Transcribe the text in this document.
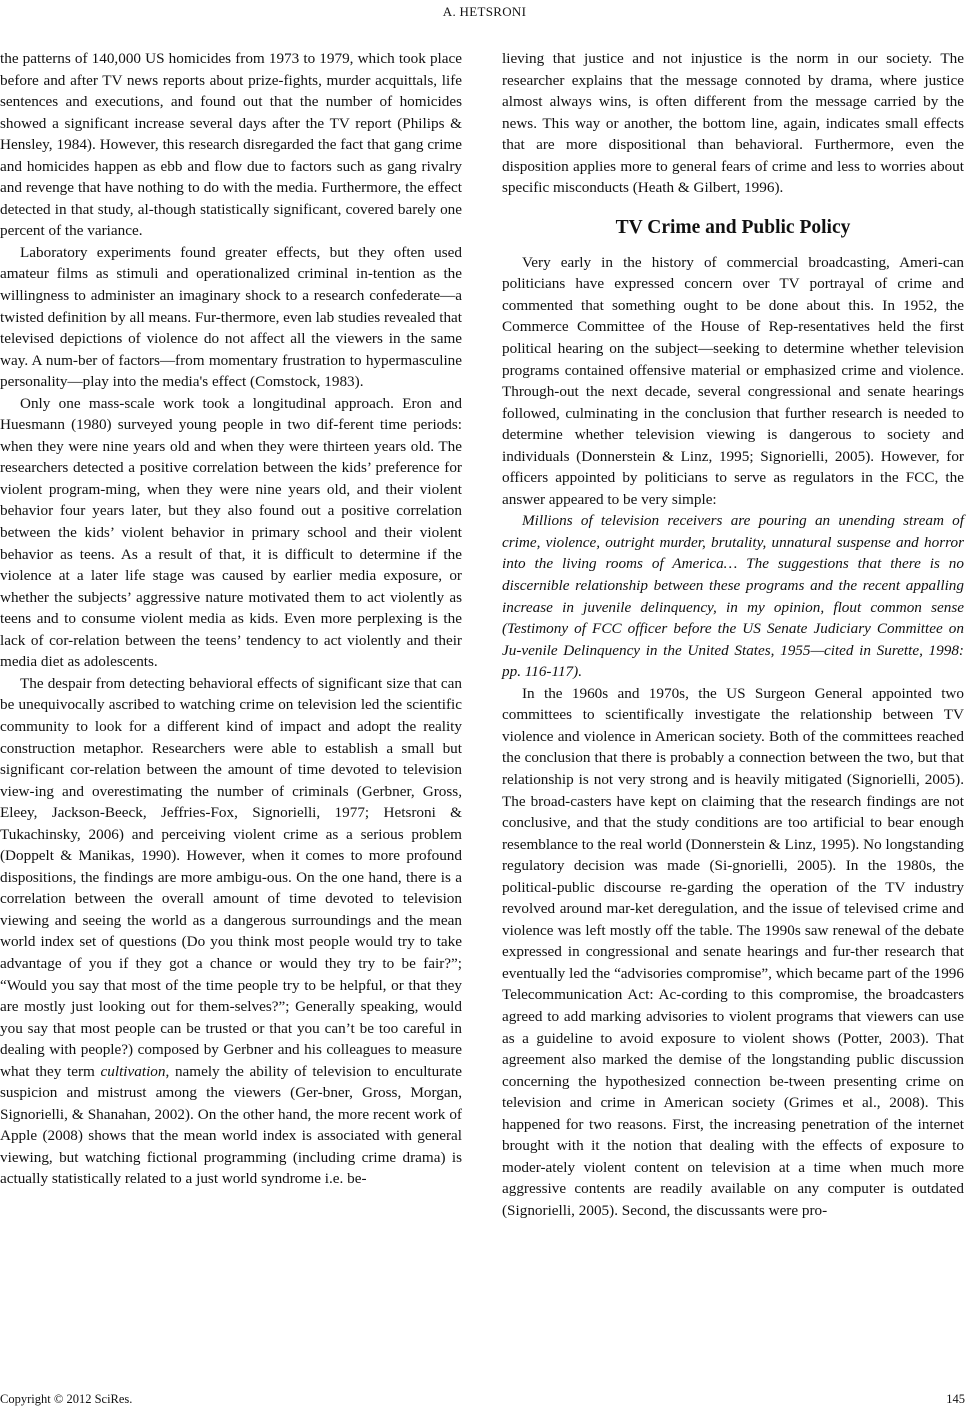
A. HETSRONI

the patterns of 140,000 US homicides from 1973 to 1979, which took place before and after TV news reports about prize-fights, murder acquittals, life sentences and executions, and found out that the number of homicides showed a significant increase several days after the TV report (Philips & Hensley, 1984). However, this research disregarded the fact that gang crime and homicides happen as ebb and flow due to factors such as gang rivalry and revenge that have nothing to do with the media. Furthermore, the effect detected in that study, al-though statistically significant, covered barely one percent of the variance.

Laboratory experiments found greater effects, but they often used amateur films as stimuli and operationalized criminal in-tention as the willingness to administer an imaginary shock to a research confederate—a twisted definition by all means. Fur-thermore, even lab studies revealed that televised depictions of violence do not affect all the viewers in the same way. A num-ber of factors—from momentary frustration to hypermasculine personality—play into the media's effect (Comstock, 1983).

Only one mass-scale work took a longitudinal approach. Eron and Huesmann (1980) surveyed young people in two dif-ferent time periods: when they were nine years old and when they were thirteen years old. The researchers detected a positive correlation between the kids’ preference for violent program-ming, when they were nine years old, and their violent behavior four years later, but they also found out a positive correlation between the kids’ violent behavior in primary school and their violent behavior as teens. As a result of that, it is difficult to determine if the violence at a later life stage was caused by earlier media exposure, or whether the subjects’ aggressive nature motivated them to act violently as teens and to consume violent media as kids. Even more perplexing is the lack of cor-relation between the teens’ tendency to act violently and their media diet as adolescents.

The despair from detecting behavioral effects of significant size that can be unequivocally ascribed to watching crime on television led the scientific community to look for a different kind of impact and adopt the reality construction metaphor. Researchers were able to establish a small but significant cor-relation between the amount of time devoted to television view-ing and overestimating the number of criminals (Gerbner, Gross, Eleey, Jackson-Beeck, Jeffries-Fox, Signorielli, 1977; Hetsroni & Tukachinsky, 2006) and perceiving violent crime as a serious problem (Doppelt & Manikas, 1990). However, when it comes to more profound dispositions, the findings are more ambigu-ous. On the one hand, there is a correlation between the overall amount of time devoted to television viewing and seeing the world as a dangerous surroundings and the mean world index set of questions (Do you think most people would try to take advantage of you if they got a chance or would they try to be fair?”; “Would you say that most of the time people try to be helpful, or that they are mostly just looking out for them-selves?”; Generally speaking, would you say that most people can be trusted or that you can’t be too careful in dealing with people?) composed by Gerbner and his colleagues to measure what they term cultivation, namely the ability of television to enculturate suspicion and mistrust among the viewers (Ger-bner, Gross, Morgan, Signorielli, & Shanahan, 2002). On the other hand, the more recent work of Apple (2008) shows that the mean world index is associated with general viewing, but watching fictional programming (including crime drama) is actually statistically related to a just world syndrome i.e. be-

lieving that justice and not injustice is the norm in our society. The researcher explains that the message connoted by drama, where justice almost always wins, is often different from the message carried by the news. This way or another, the bottom line, again, indicates small effects that are more dispositional than behavioral. Furthermore, even the disposition applies more to general fears of crime and less to worries about specific misconducts (Heath & Gilbert, 1996).

TV Crime and Public Policy

Very early in the history of commercial broadcasting, Ameri-can politicians have expressed concern over TV portrayal of crime and commented that something ought to be done about this. In 1952, the Commerce Committee of the House of Rep-resentatives held the first political hearing on the subject—seeking to determine whether television programs contained offensive material or emphasized crime and violence. Through-out the next decade, several congressional and senate hearings followed, culminating in the conclusion that further research is needed to determine whether television viewing is dangerous to society and individuals (Donnerstein & Linz, 1995; Signorielli, 2005). However, for officers appointed by politicians to serve as regulators in the FCC, the answer appeared to be very simple:

Millions of television receivers are pouring an unending stream of crime, violence, outright murder, brutality, unnatural suspense and horror into the living rooms of America… The suggestions that there is no discernible relationship between these programs and the recent appalling increase in juvenile delinquency, in my opinion, flout common sense (Testimony of FCC officer before the US Senate Judiciary Committee on Ju-venile Delinquency in the United States, 1955—cited in Surette, 1998: pp. 116-117).

In the 1960s and 1970s, the US Surgeon General appointed two committees to scientifically investigate the relationship between TV violence and violence in American society. Both of the committees reached the conclusion that there is probably a connection between the two, but that relationship is not very strong and is heavily mitigated (Signorielli, 2005). The broad-casters have kept on claiming that the research findings are not conclusive, and that the study conditions are too artificial to bear enough resemblance to the real world (Donnerstein & Linz, 1995). No longstanding regulatory decision was made (Si-gnorielli, 2005). In the 1980s, the political-public discourse re-garding the operation of the TV industry revolved around mar-ket deregulation, and the issue of televised crime and violence was left mostly off the table. The 1990s saw renewal of the debate expressed in congressional and senate hearings and fur-ther research that eventually led the “advisories compromise”, which became part of the 1996 Telecommunication Act: Ac-cording to this compromise, the broadcasters agreed to add marking advisories to violent programs that viewers can use as a guideline to avoid exposure to violent shows (Potter, 2003). That agreement also marked the demise of the longstanding public discussion concerning the hypothesized connection be-tween presenting crime on television and crime in American society (Grimes et al., 2008). This happened for two reasons. First, the increasing penetration of the internet brought with it the notion that dealing with the effects of exposure to moder-ately violent content on television at a time when much more aggressive contents are readily available on any computer is outdated (Signorielli, 2005). Second, the discussants were pro-

Copyright © 2012 SciRes.	145
